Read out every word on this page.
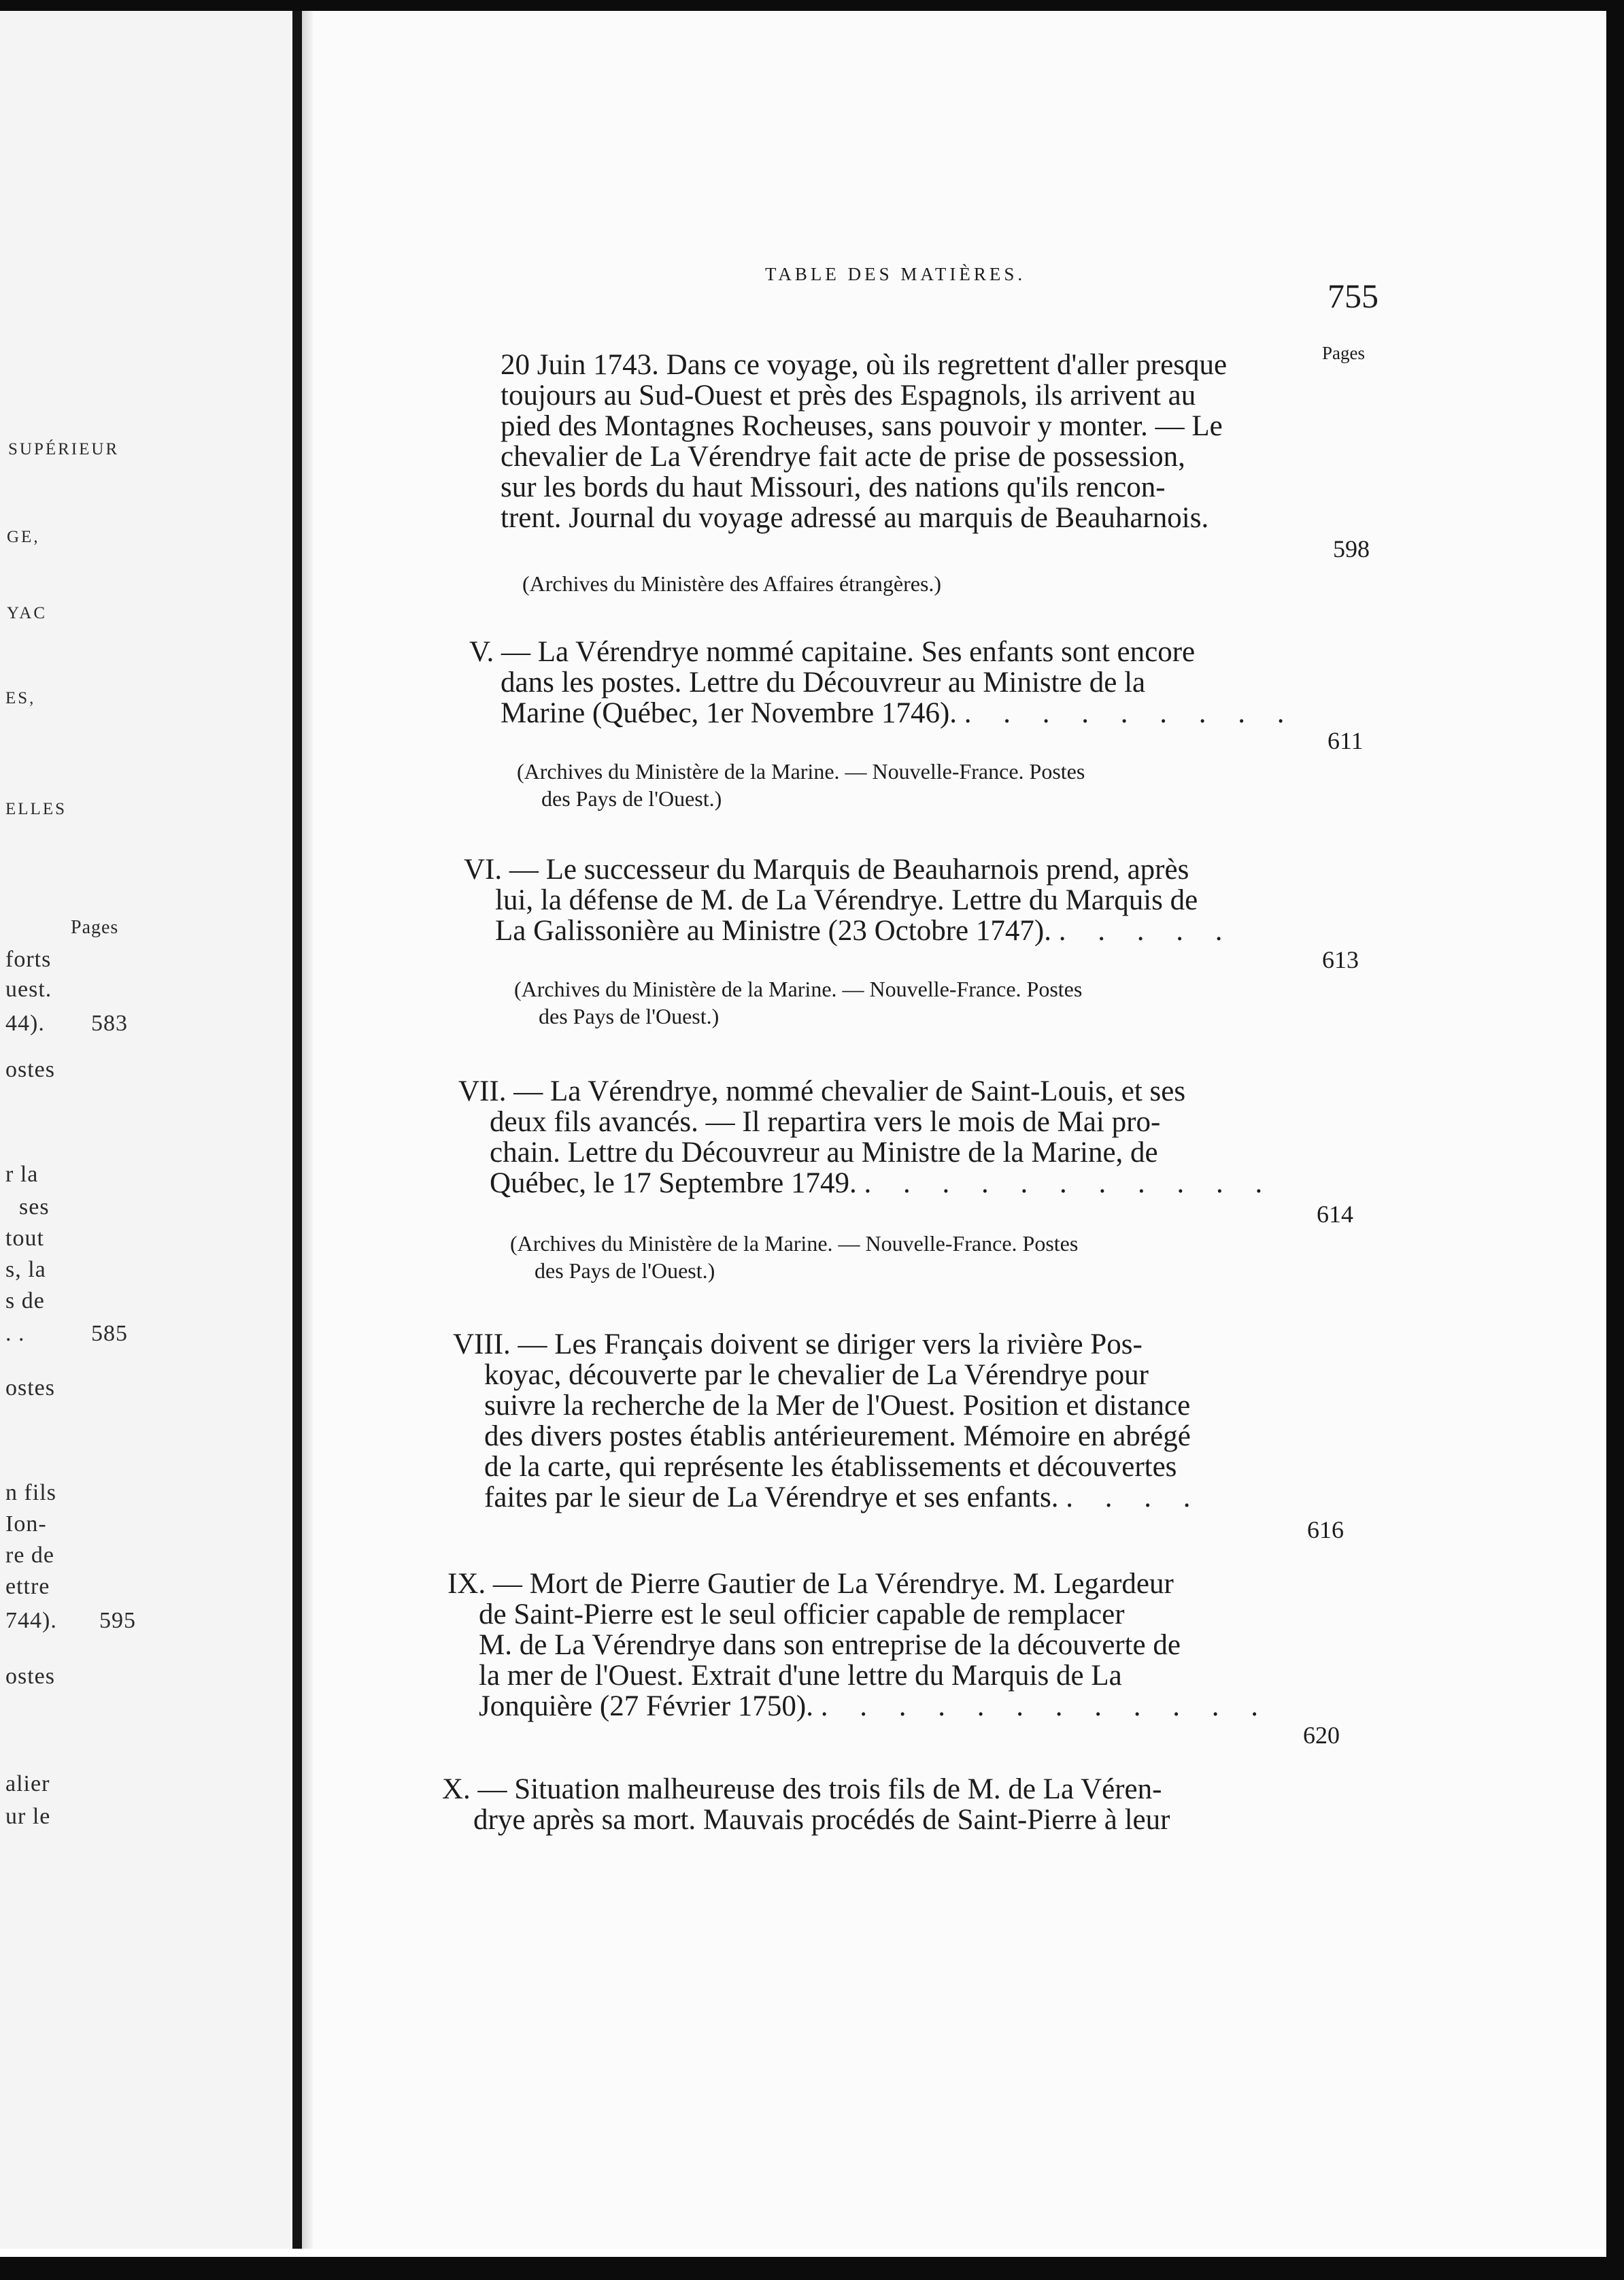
SUPÉRIEUR
GE,
YAC
ES,
ELLES
Pages
forts
uest.
44). 583
ostes
r la
ses
tout
s, la
s de
. .	585
ostes
n fils
Ion-
re de
ettre
744). 595
ostes
alier
ur le
TABLE DES MATIÈRES.
755
Pages
20 Juin 1743. Dans ce voyage, où ils regrettent d'aller presque
toujours au Sud-Ouest et près des Espagnols, ils arrivent au
pied des Montagnes Rocheuses, sans pouvoir y monter. — Le
chevalier de La Vérendrye fait acte de prise de possession,
sur les bords du haut Missouri, des nations qu'ils rencon-
trent. Journal du voyage adressé au marquis de Beauharnois.
598
(Archives du Ministère des Affaires étrangères.)
V. — La Vérendrye nommé capitaine. Ses enfants sont encore
dans les postes. Lettre du Découvreur au Ministre de la
Marine (Québec, 1er Novembre 1746). . . . . . . . . .
611
(Archives du Ministère de la Marine. — Nouvelle-France. Postes
des Pays de l'Ouest.)
VI. — Le successeur du Marquis de Beauharnois prend, après
lui, la défense de M. de La Vérendrye. Lettre du Marquis de
La Galissonière au Ministre (23 Octobre 1747). . . . . .
613
(Archives du Ministère de la Marine. — Nouvelle-France. Postes
des Pays de l'Ouest.)
VII. — La Vérendrye, nommé chevalier de Saint-Louis, et ses
deux fils avancés. — Il repartira vers le mois de Mai pro-
chain. Lettre du Découvreur au Ministre de la Marine, de
Québec, le 17 Septembre 1749. . . . . . . . . . . .
614
(Archives du Ministère de la Marine. — Nouvelle-France. Postes
des Pays de l'Ouest.)
VIII. — Les Français doivent se diriger vers la rivière Pos-
koyac, découverte par le chevalier de La Vérendrye pour
suivre la recherche de la Mer de l'Ouest. Position et distance
des divers postes établis antérieurement. Mémoire en abrégé
de la carte, qui représente les établissements et découvertes
faites par le sieur de La Vérendrye et ses enfants. . . . .
616
IX. — Mort de Pierre Gautier de La Vérendrye. M. Legardeur
de Saint-Pierre est le seul officier capable de remplacer
M. de La Vérendrye dans son entreprise de la découverte de
la mer de l'Ouest. Extrait d'une lettre du Marquis de La
Jonquière (27 Février 1750). . . . . . . . . . . . .
620
X. — Situation malheureuse des trois fils de M. de La Véren-
drye après sa mort. Mauvais procédés de Saint-Pierre à leur
